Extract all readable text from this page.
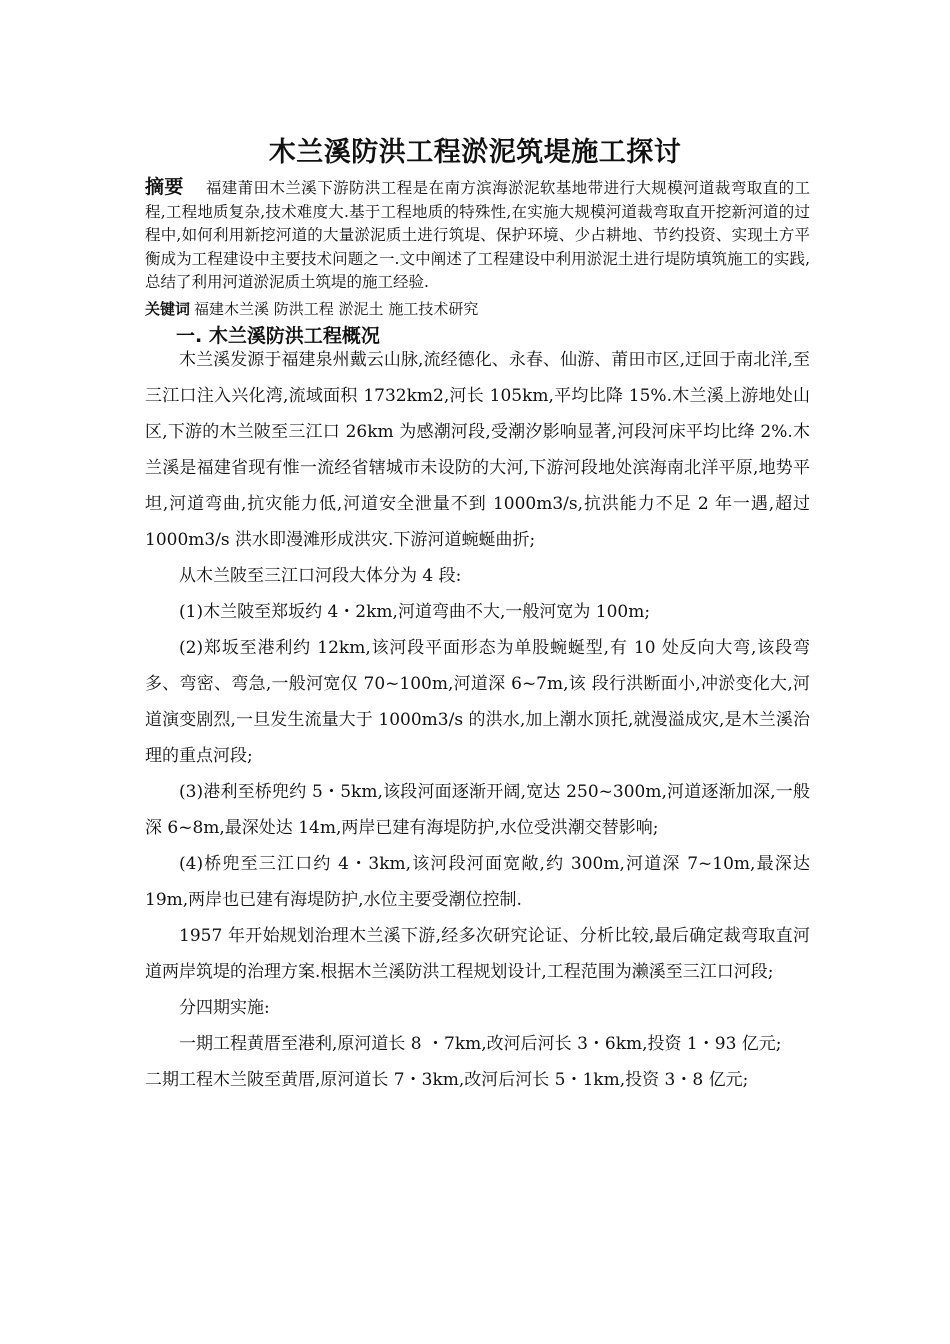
木兰溪防洪工程淤泥筑堤施工探讨
摘要 福建莆田木兰溪下游防洪工程是在南方滨海淤泥软基地带进行大规模河道裁弯取直的工程,工程地质复杂,技术难度大.基于工程地质的特殊性,在实施大规模河道裁弯取直开挖新河道的过程中,如何利用新挖河道的大量淤泥质土进行筑堤、保护环境、少占耕地、节约投资、实现土方平衡成为工程建设中主要技术问题之一.文中阐述了工程建设中利用淤泥土进行堤防填筑施工的实践,总结了利用河道淤泥质土筑堤的施工经验.
关键词 福建木兰溪 防洪工程 淤泥土 施工技术研究
一. 木兰溪防洪工程概况

木兰溪发源于福建泉州戴云山脉,流经德化、永春、仙游、莆田市区,迂回于南北洋,至三江口注入兴化湾,流域面积 1732km2,河长 105km,平均比降 15%.木兰溪上游地处山区,下游的木兰陂至三江口 26km 为感潮河段,受潮汐影响显著,河段河床平均比绛 2%.木兰溪是福建省现有惟一流经省辖城市未设防的大河,下游河段地处滨海南北洋平原,地势平坦,河道弯曲,抗灾能力低,河道安全泄量不到 1000m3/s,抗洪能力不足 2 年一遇,超过 1000m3/s 洪水即漫滩形成洪灾.下游河道蜿蜒曲折;

从木兰陂至三江口河段大体分为 4 段:

(1)木兰陂至郑坂约 4・2km,河道弯曲不大,一般河宽为 100m;

(2)郑坂至港利约 12km,该河段平面形态为单股蜿蜒型,有 10 处反向大弯,该段弯多、弯密、弯急,一般河宽仅 70~100m,河道深 6~7m,该 段行洪断面小,冲淤变化大,河道演变剧烈,一旦发生流量大于 1000m3/s 的洪水,加上潮水顶托,就漫溢成灾,是木兰溪治理的重点河段;

(3)港利至桥兜约 5・5km,该段河面逐渐开阔,宽达 250~300m,河道逐渐加深,一般深 6~8m,最深处达 14m,两岸已建有海堤防护,水位受洪潮交替影响;

(4)桥兜至三江口约 4・3km,该河段河面宽敞,约 300m,河道深 7~10m,最深达 19m,两岸也已建有海堤防护,水位主要受潮位控制.

1957 年开始规划治理木兰溪下游,经多次研究论证、分析比较,最后确定裁弯取直河道两岸筑堤的治理方案.根据木兰溪防洪工程规划设计,工程范围为濑溪至三江口河段;

分四期实施:

一期工程黄厝至港利,原河道长 8 ・7km,改河后河长 3・6km,投资 1・93 亿元;

二期工程木兰陂至黄厝,原河道长 7・3km,改河后河长 5・1km,投资 3・8 亿元;
